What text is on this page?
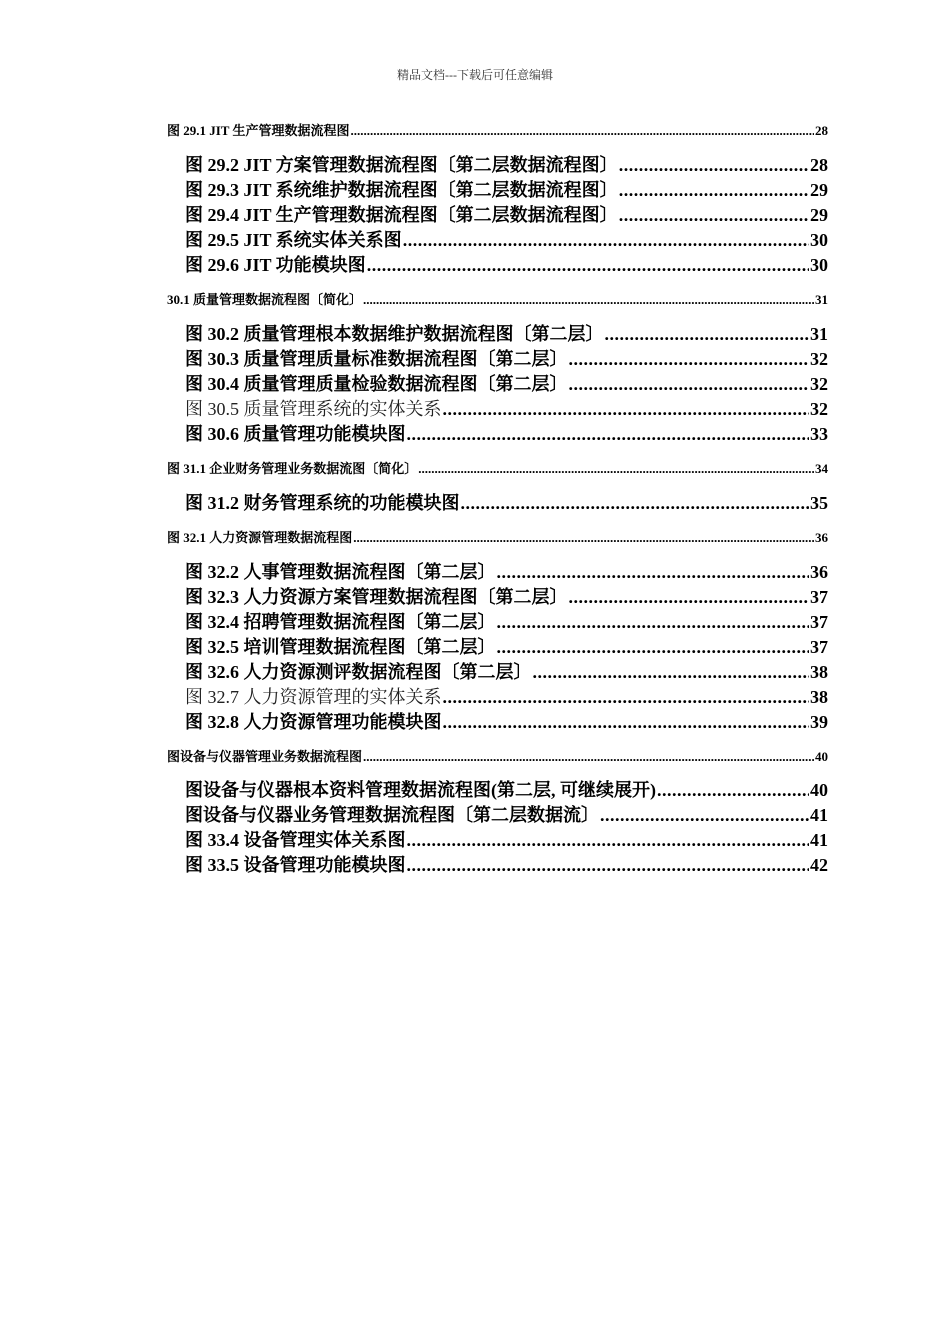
精品文档---下载后可任意编辑
图 29.1 JIT 生产管理数据流程图 .....	28
图 29.2 JIT 方案管理数据流程图〔第二层数据流程图〕 .....	28
图 29.3 JIT 系统维护数据流程图〔第二层数据流程图〕 .....	29
图 29.4 JIT 生产管理数据流程图〔第二层数据流程图〕 .....	29
图 29.5 JIT 系统实体关系图 .....	30
图 29.6 JIT 功能模块图 .....	30
30.1 质量管理数据流程图〔简化〕 .....	31
图 30.2 质量管理根本数据维护数据流程图〔第二层〕 .....	31
图 30.3 质量管理质量标准数据流程图〔第二层〕 .....	32
图 30.4 质量管理质量检验数据流程图〔第二层〕 .....	32
图 30.5 质量管理系统的实体关系 .....	32
图 30.6 质量管理功能模块图 .....	33
图 31.1 企业财务管理业务数据流图〔简化〕 .....	34
图 31.2 财务管理系统的功能模块图 .....	35
图 32.1 人力资源管理数据流程图 .....	36
图 32.2 人事管理数据流程图〔第二层〕 .....	36
图 32.3 人力资源方案管理数据流程图〔第二层〕 .....	37
图 32.4 招聘管理数据流程图〔第二层〕 .....	37
图 32.5 培训管理数据流程图〔第二层〕 .....	37
图 32.6 人力资源测评数据流程图〔第二层〕 .....	38
图 32.7 人力资源管理的实体关系 .....	38
图 32.8 人力资源管理功能模块图 .....	39
图设备与仪器管理业务数据流程图 .....	40
图设备与仪器根本资料管理数据流程图(第二层, 可继续展开) .....	40
图设备与仪器业务管理数据流程图〔第二层数据流〕 .....	41
图 33.4 设备管理实体关系图 .....	41
图 33.5 设备管理功能模块图 .....	42
